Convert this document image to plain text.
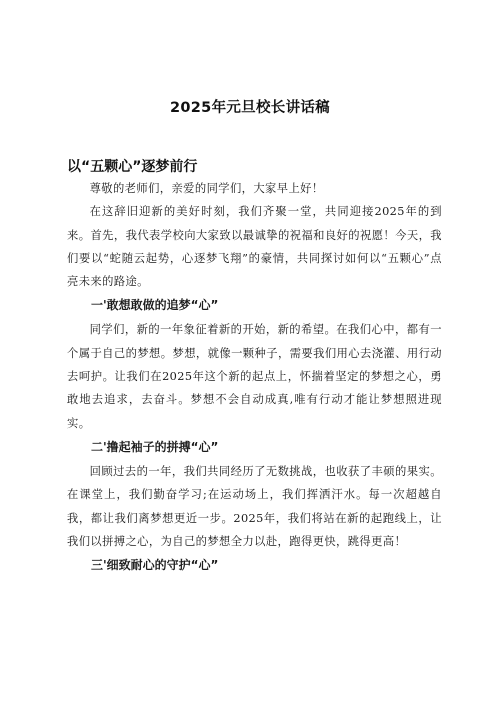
2025年元旦校长讲话稿
以“五颗心”逐梦前行

尊敬的老师们，亲爱的同学们，大家早上好！

在这辞旧迎新的美好时刻，我们齐聚一堂，共同迎接2025年的到来。首先，我代表学校向大家致以最诚挚的祝福和良好的祝愿！今天，我们要以“蛇随云起势，心逐梦飞翔”的豪情，共同探讨如何以“五颗心”点亮未来的路途。

一'敢想敢做的追梦“心”

同学们，新的一年象征着新的开始，新的希望。在我们心中，都有一个属于自己的梦想。梦想，就像一颗种子，需要我们用心去浇灌、用行动去呵护。让我们在2025年这个新的起点上，怀揣着坚定的梦想之心，勇敢地去追求，去奋斗。梦想不会自动成真,唯有行动才能让梦想照进现实。

二'撸起袖子的拼搏“心”

回顾过去的一年，我们共同经历了无数挑战，也收获了丰硕的果实。在课堂上，我们勤奋学习;在运动场上，我们挥洒汗水。每一次超越自我，都让我们离梦想更近一步。2025年，我们将站在新的起跑线上，让我们以拼搏之心，为自己的梦想全力以赴，跑得更快，跳得更高！

三'细致耐心的守护“心”
